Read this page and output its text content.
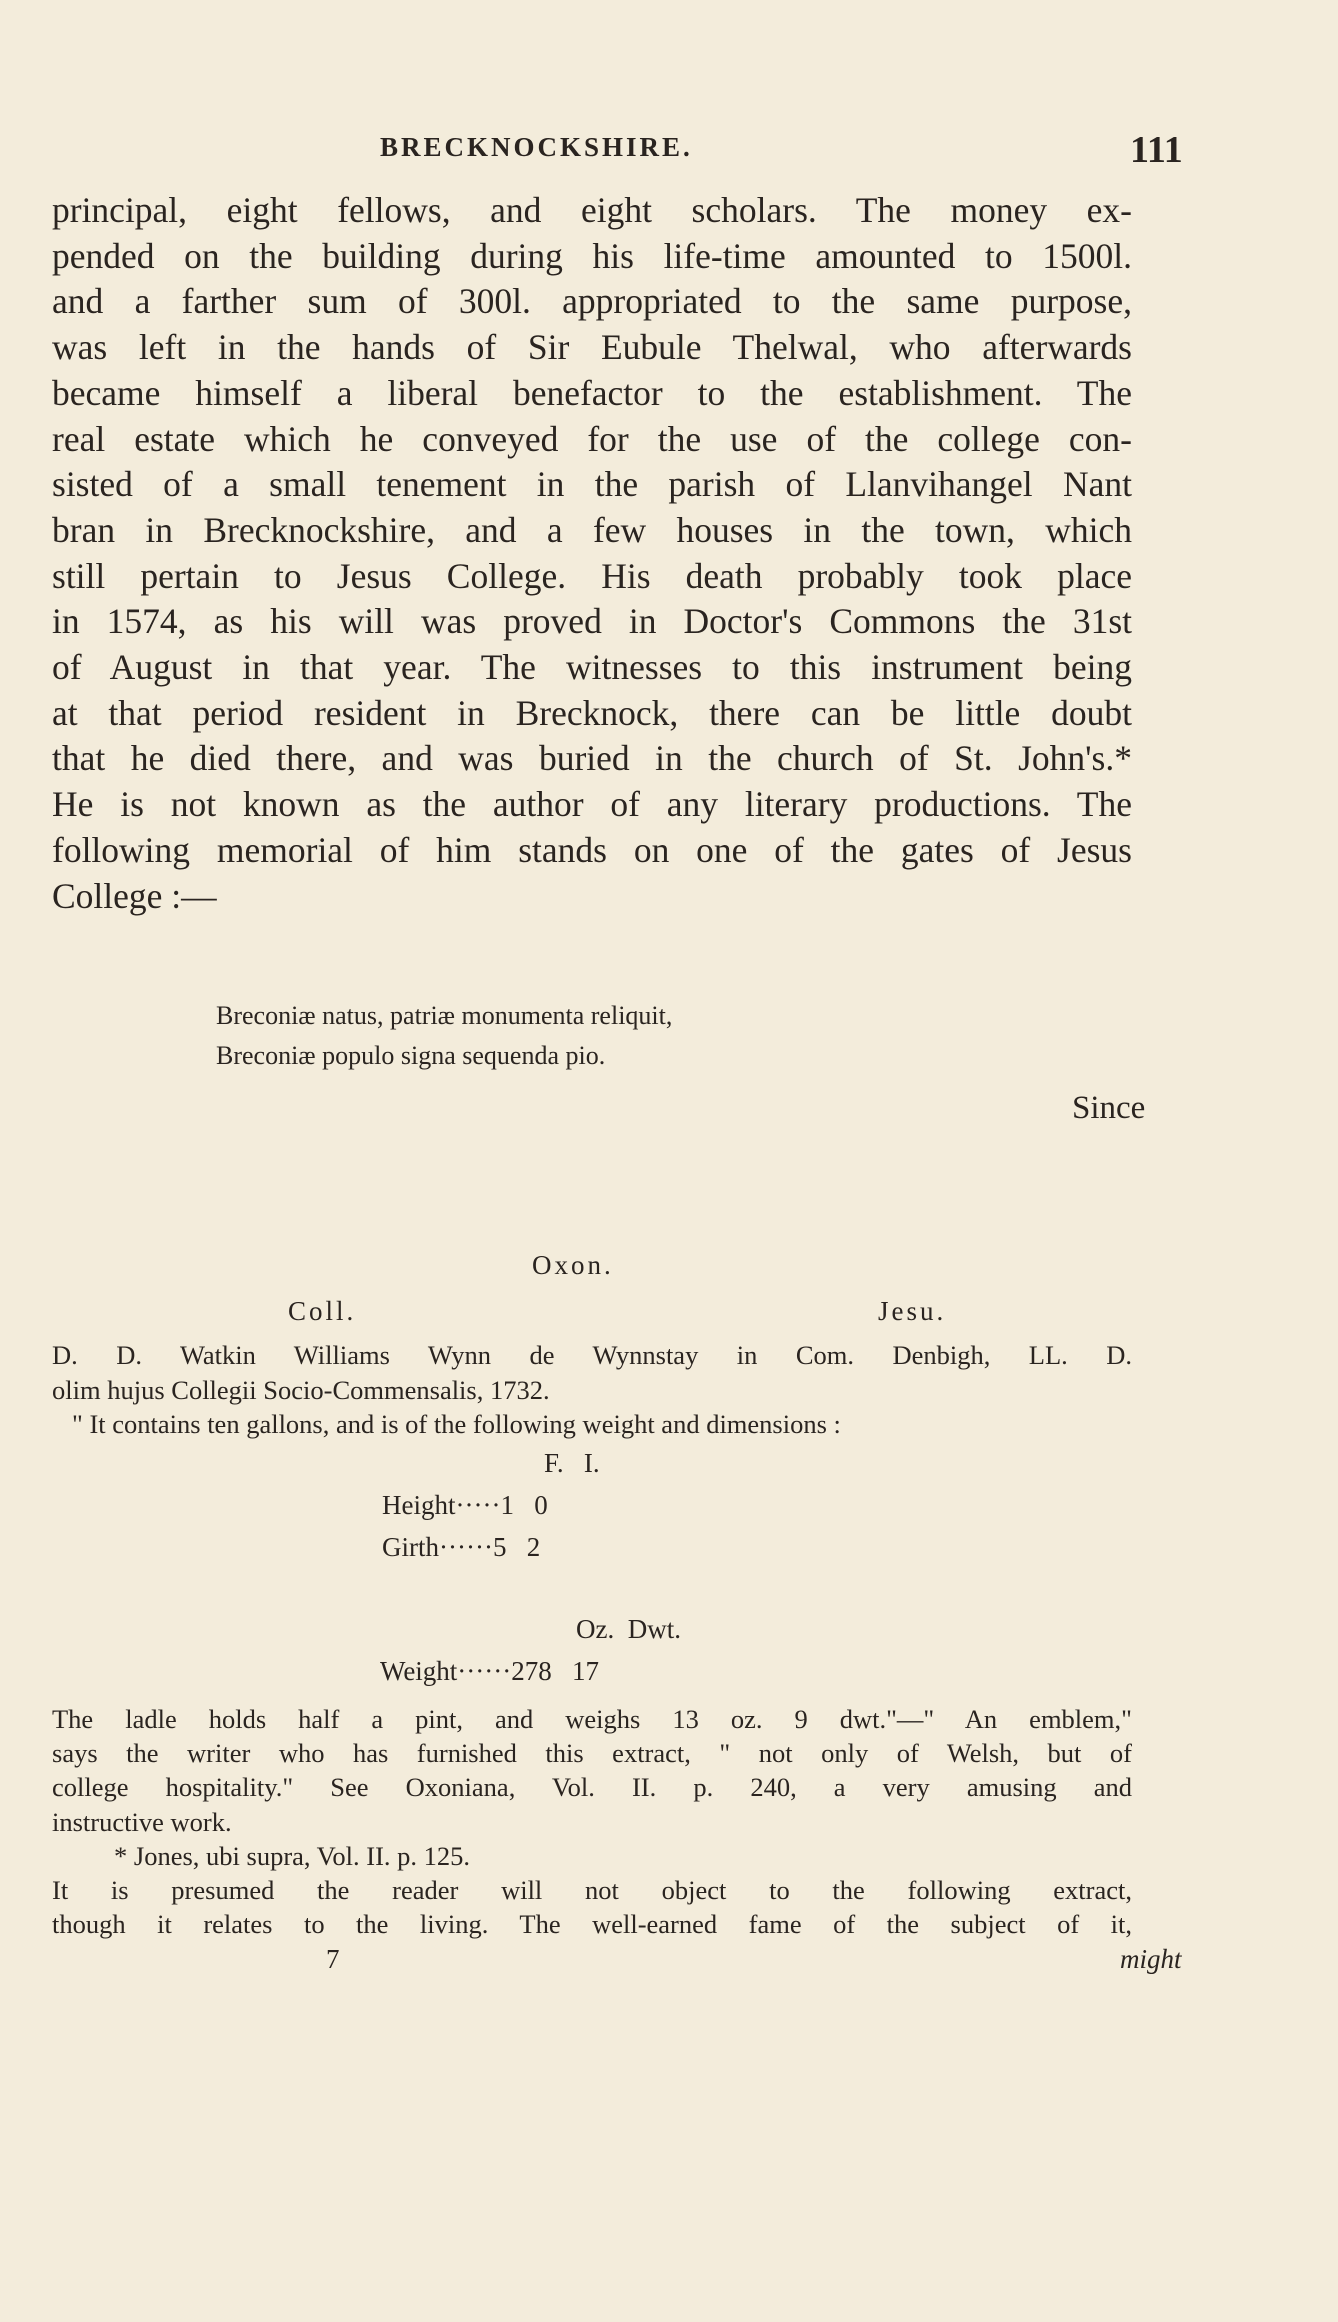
BRECKNOCKSHIRE.	111
principal, eight fellows, and eight scholars. The money ex-
pended on the building during his life-time amounted to 1500l.
and a farther sum of 300l. appropriated to the same purpose,
was left in the hands of Sir Eubule Thelwal, who afterwards
became himself a liberal benefactor to the establishment. The
real estate which he conveyed for the use of the college con-
sisted of a small tenement in the parish of Llanvihangel Nant
bran in Brecknockshire, and a few houses in the town, which
still pertain to Jesus College. His death probably took place
in 1574, as his will was proved in Doctor's Commons the 31st
of August in that year. The witnesses to this instrument being
at that period resident in Brecknock, there can be little doubt
that he died there, and was buried in the church of St. John's.*
He is not known as the author of any literary productions. The
following memorial of him stands on one of the gates of Jesus
College :—
Breconiæ natus, patriæ monumenta reliquit,
Breconiæ populo signa sequenda pio.
Since
Oxon.
Coll.	Jesu.
D. D. Watkin Williams Wynn de Wynnstay in Com. Denbigh, LL. D.
olim hujus Collegii Socio-Commensalis, 1732.
" It contains ten gallons, and is of the following weight and dimensions :
F.   I.
Height·····1   0
Girth······5   2
Oz.  Dwt.
Weight······278   17
The ladle holds half a pint, and weighs 13 oz. 9 dwt."—" An emblem,"
says the writer who has furnished this extract, " not only of Welsh, but of
college hospitality." See Oxoniana, Vol. II. p. 240, a very amusing and
instructive work.
* Jones, ubi supra, Vol. II. p. 125.
It is presumed the reader will not object to the following extract,
though it relates to the living. The well-earned fame of the subject of it,
7	might
